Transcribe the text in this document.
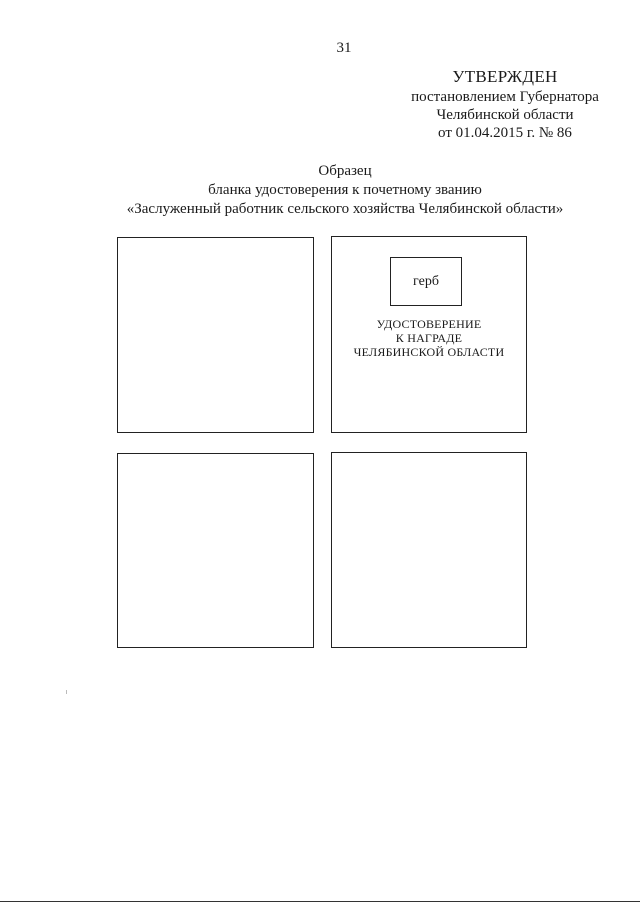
31
УТВЕРЖДЕН
постановлением Губернатора
Челябинской области
от 01.04.2015 г. № 86
Образец
бланка удостоверения к почетному званию
«Заслуженный работник сельского хозяйства Челябинской области»
герб
УДОСТОВЕРЕНИЕ
К НАГРАДЕ
ЧЕЛЯБИНСКОЙ ОБЛАСТИ
